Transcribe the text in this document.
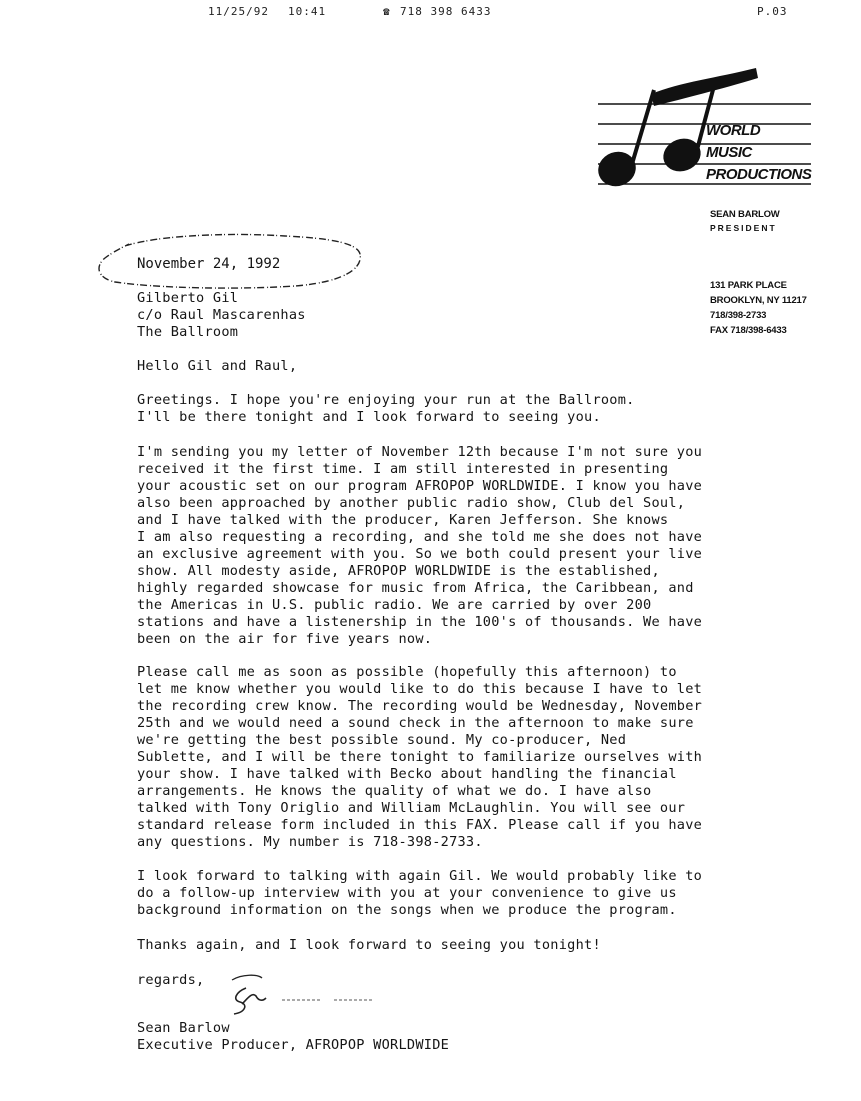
11/25/92 10:41	☎ 718 398 6433	P.03
WORLD
MUSIC
PRODUCTIONS
SEAN BARLOW
PRESIDENT
131 PARK PLACE
BROOKLYN, NY 11217
718/398-2733
FAX 718/398-6433
November 24, 1992

Gilberto Gil

c/o Raul Mascarenhas

The Ballroom

Hello Gil and Raul,

Greetings. I hope you're enjoying your run at the Ballroom.
I'll be there tonight and I look forward to seeing you.

I'm sending you my letter of November 12th because I'm not sure you
received it the first time. I am still interested in presenting
your acoustic set on our program AFROPOP WORLDWIDE. I know you have
also been approached by another public radio show, Club del Soul,
and I have talked with the producer, Karen Jefferson. She knows
I am also requesting a recording, and she told me she does not have
an exclusive agreement with you. So we both could present your live
show. All modesty aside, AFROPOP WORLDWIDE is the established,
highly regarded showcase for music from Africa, the Caribbean, and
the Americas in U.S. public radio. We are carried by over 200
stations and have a listenership in the 100's of thousands. We have
been on the air for five years now.

Please call me as soon as possible (hopefully this afternoon) to
let me know whether you would like to do this because I have to let
the recording crew know. The recording would be Wednesday, November
25th and we would need a sound check in the afternoon to make sure
we're getting the best possible sound. My co-producer, Ned
Sublette, and I will be there tonight to familiarize ourselves with
your show. I have talked with Becko about handling the financial
arrangements. He knows the quality of what we do. I have also
talked with Tony Origlio and William McLaughlin. You will see our
standard release form included in this FAX. Please call if you have
any questions. My number is 718-398-2733.

I look forward to talking with again Gil. We would probably like to
do a follow-up interview with you at your convenience to give us
background information on the songs when we produce the program.

Thanks again, and I look forward to seeing you tonight!

regards,

Sean Barlow

Executive Producer, AFROPOP WORLDWIDE
